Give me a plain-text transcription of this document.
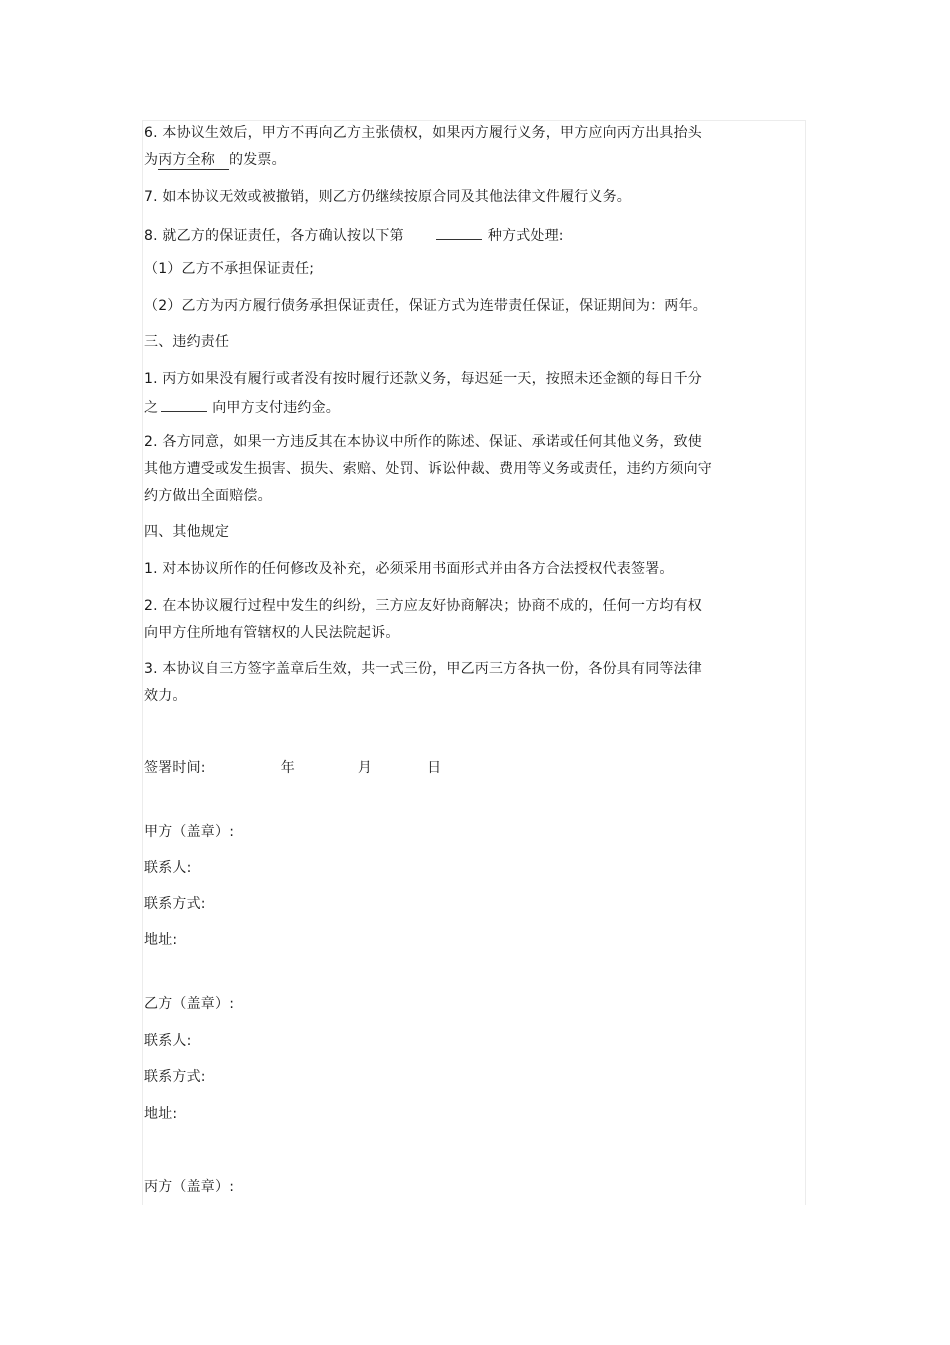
6. 本协议生效后，甲方不再向乙方主张债权，如果丙方履行义务，甲方应向丙方出具抬头
为丙方全称 的发票。
7. 如本协议无效或被撤销，则乙方仍继续按原合同及其他法律文件履行义务。
8. 就乙方的保证责任，各方确认按以下第	种方式处理:
（1）乙方不承担保证责任;
（2）乙方为丙方履行债务承担保证责任，保证方式为连带责任保证，保证期间为：两年。
三、违约责任
1. 丙方如果没有履行或者没有按时履行还款义务，每迟延一天，按照未还金额的每日千分
之	向甲方支付违约金。
2. 各方同意，如果一方违反其在本协议中所作的陈述、保证、承诺或任何其他义务，致使
其他方遭受或发生损害、损失、索赔、处罚、诉讼仲裁、费用等义务或责任，违约方须向守
约方做出全面赔偿。
四、其他规定
1. 对本协议所作的任何修改及补充，必须采用书面形式并由各方合法授权代表签署。
2. 在本协议履行过程中发生的纠纷，三方应友好协商解决；协商不成的，任何一方均有权
向甲方住所地有管辖权的人民法院起诉。
3. 本协议自三方签字盖章后生效，共一式三份，甲乙丙三方各执一份，各份具有同等法律
效力。
签署时间:	年	月	日
甲方（盖章）:
联系人:
联系方式:
地址:
乙方（盖章）:
联系人:
联系方式:
地址:
丙方（盖章）:
